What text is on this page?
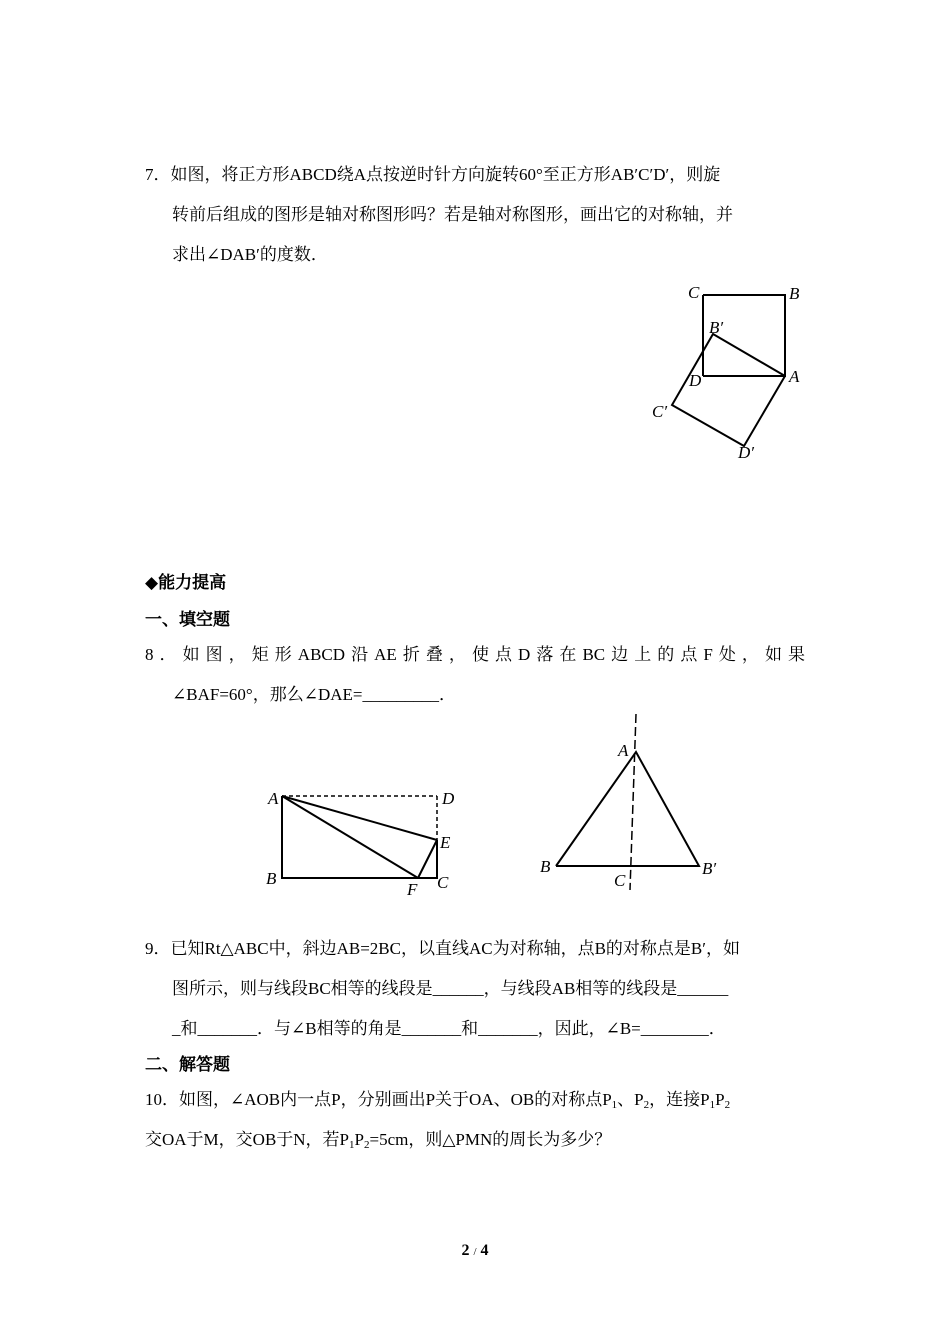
7．如图，将正方形ABCD绕A点按逆时针方向旋转60°至正方形AB′C′D′，则旋
转前后组成的图形是轴对称图形吗？若是轴对称图形，画出它的对称轴，并
求出∠DAB′的度数．
C	B
B′
D	A
C′
D′
◆能力提高
一、填空题
8．如图，矩形ABCD沿AE折叠，使点D落在BC边上的点F处，如果
∠BAF=60°，那么∠DAE=_________．
A	D
E
B
F C
A
B
C
B′
9．已知Rt△ABC中，斜边AB=2BC，以直线AC为对称轴，点B的对称点是B′，如
图所示，则与线段BC相等的线段是______，与线段AB相等的线段是______
_和_______．与∠B相等的角是_______和_______，因此，∠B=________．
二、解答题
10．如图，∠AOB内一点P，分别画出P关于OA、OB的对称点$P_1$、$P_2$，连接$P_1P_2$
交OA于M，交OB于N，若$P_1P_2=5cm$，则△PMN的周长为多少？
2 / 4
